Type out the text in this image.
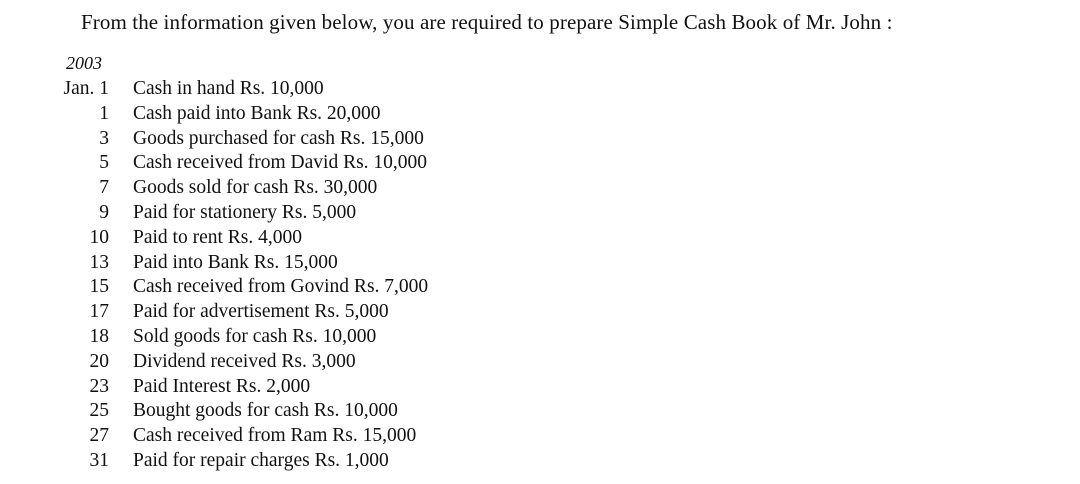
From the information given below, you are required to prepare Simple Cash Book of Mr. John :
2003
Jan. 1 Cash in hand Rs. 10,000
1 Cash paid into Bank Rs. 20,000
3 Goods purchased for cash Rs. 15,000
5 Cash received from David Rs. 10,000
7 Goods sold for cash Rs. 30,000
9 Paid for stationery Rs. 5,000
10 Paid to rent Rs. 4,000
13 Paid into Bank Rs. 15,000
15 Cash received from Govind Rs. 7,000
17 Paid for advertisement Rs. 5,000
18 Sold goods for cash Rs. 10,000
20 Dividend received Rs. 3,000
23 Paid Interest Rs. 2,000
25 Bought goods for cash Rs. 10,000
27 Cash received from Ram Rs. 15,000
31 Paid for repair charges Rs. 1,000
